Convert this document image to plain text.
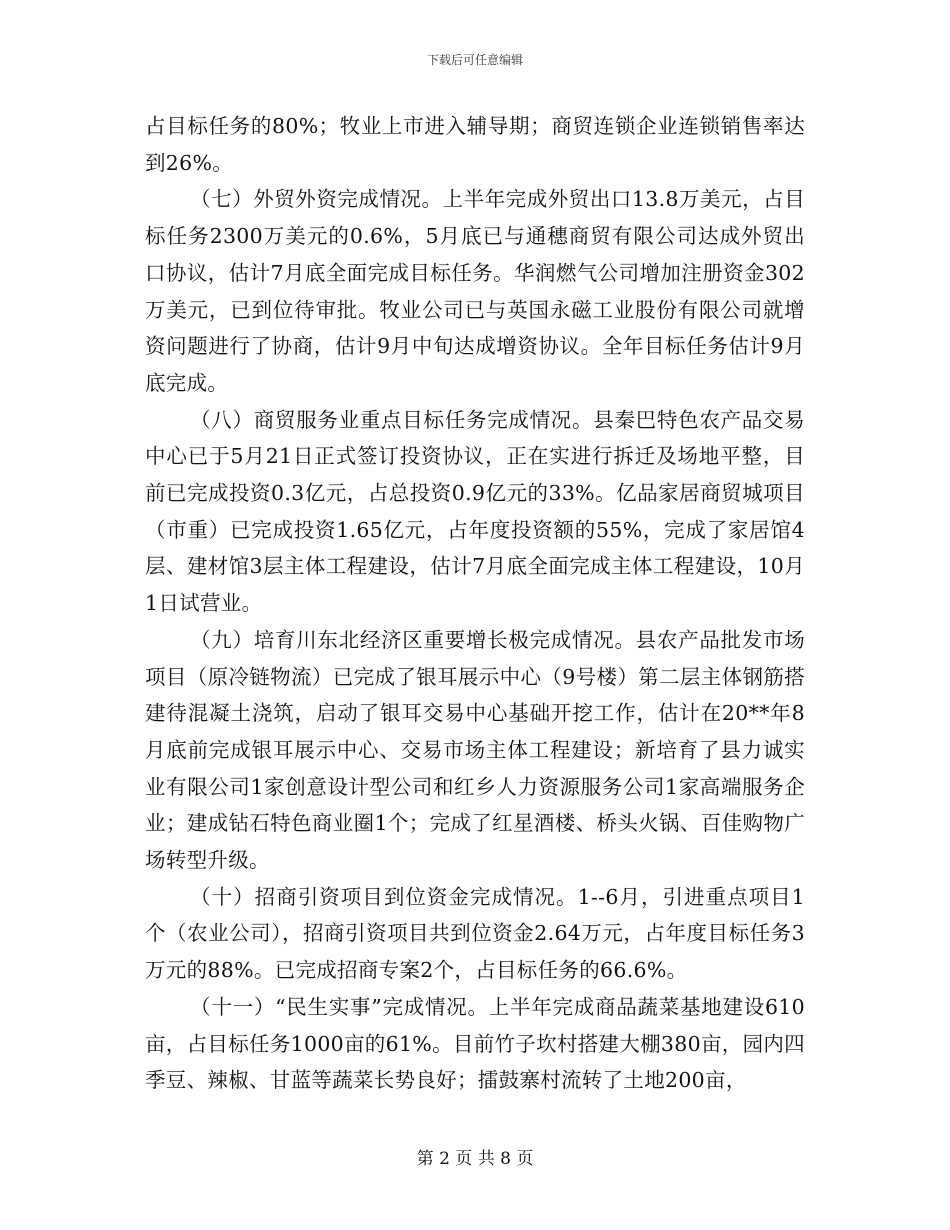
下载后可任意编辑

占目标任务的80%；牧业上市进入辅导期；商贸连锁企业连锁销售率达到26%。

（七）外贸外资完成情况。上半年完成外贸出口13.8万美元，占目标任务2300万美元的0.6%，5月底已与通穗商贸有限公司达成外贸出口协议，估计7月底全面完成目标任务。华润燃气公司增加注册资金302万美元，已到位待审批。牧业公司已与英国永磁工业股份有限公司就增资问题进行了协商，估计9月中旬达成增资协议。全年目标任务估计9月底完成。

（八）商贸服务业重点目标任务完成情况。县秦巴特色农产品交易中心已于5月21日正式签订投资协议，正在实进行拆迁及场地平整，目前已完成投资0.3亿元，占总投资0.9亿元的33%。亿品家居商贸城项目（市重）已完成投资1.65亿元，占年度投资额的55%，完成了家居馆4层、建材馆3层主体工程建设，估计7月底全面完成主体工程建设，10月1日试营业。

（九）培育川东北经济区重要增长极完成情况。县农产品批发市场项目（原冷链物流）已完成了银耳展示中心（9号楼）第二层主体钢筋搭建待混凝土浇筑，启动了银耳交易中心基础开挖工作，估计在20**年8月底前完成银耳展示中心、交易市场主体工程建设；新培育了县力诚实业有限公司1家创意设计型公司和红乡人力资源服务公司1家高端服务企业；建成钻石特色商业圈1个；完成了红星酒楼、桥头火锅、百佳购物广场转型升级。

（十）招商引资项目到位资金完成情况。1--6月，引进重点项目1个（农业公司），招商引资项目共到位资金2.64万元，占年度目标任务3万元的88%。已完成招商专案2个，占目标任务的66.6%。

（十一）“民生实事”完成情况。上半年完成商品蔬菜基地建设610亩，占目标任务1000亩的61%。目前竹子坎村搭建大棚380亩，园内四季豆、辣椒、甘蓝等蔬菜长势良好；擂鼓寨村流转了土地200亩，

第 2 页 共 8 页
